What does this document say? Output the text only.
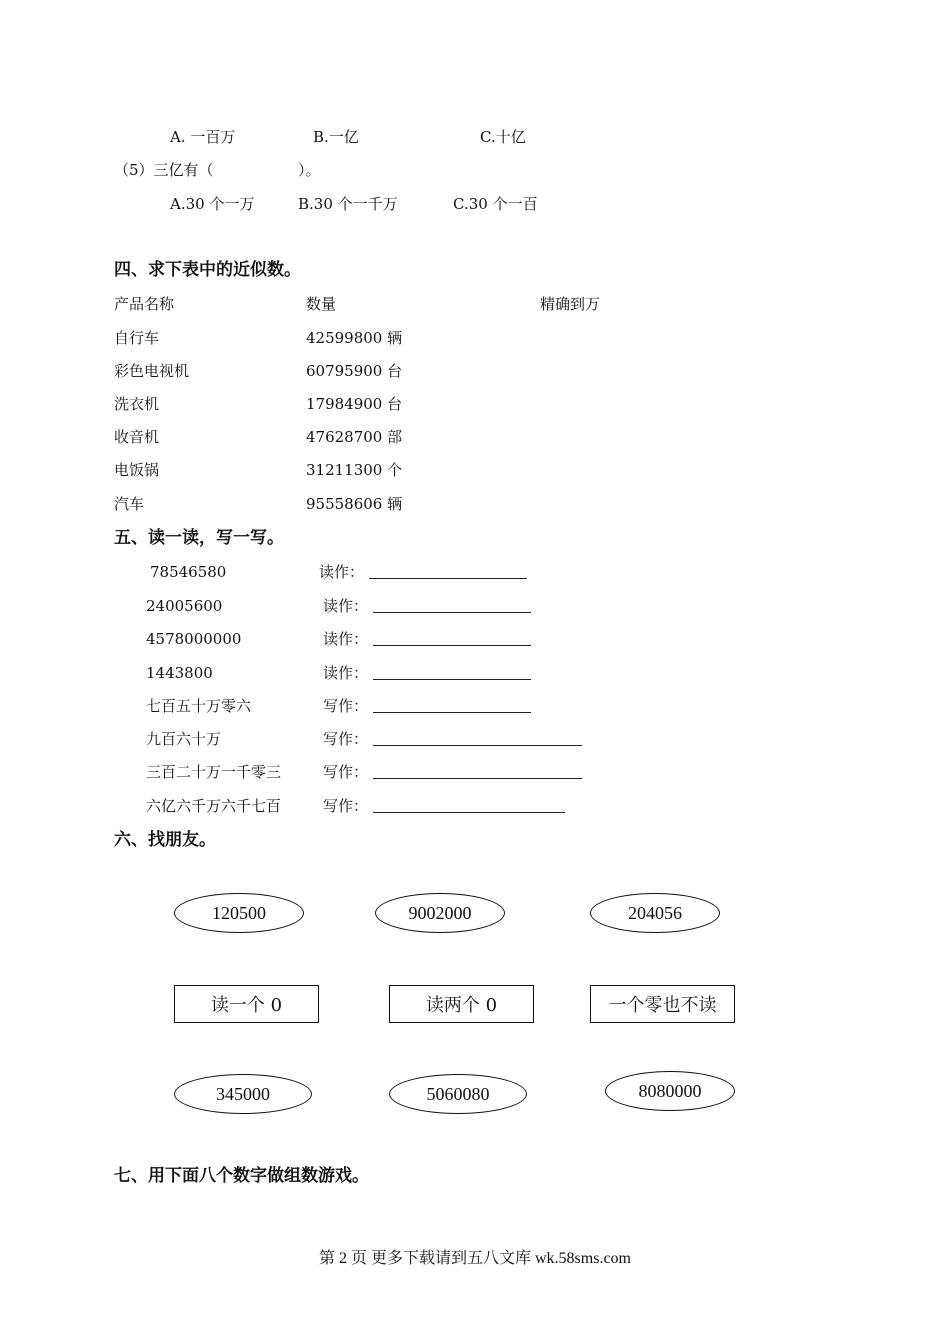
A. 一百万	B.一亿	C.十亿
（5）三亿有（	）。
A.30 个一万	B.30 个一千万	C.30 个一百
四、求下表中的近似数。
产品名称	数量	精确到万
自行车	42599800 辆
彩色电视机	60795900 台
洗衣机	17984900 台
收音机	47628700 部
电饭锅	31211300 个
汽车	95558606 辆
五、读一读，写一写。
78546580	读作：
24005600	读作：
4578000000	读作：
1443800	读作：
七百五十万零六	写作：
九百六十万	写作：
三百二十万一千零三	写作：
六亿六千万六千七百	写作：
六、找朋友。
120500	9002000	204056
读一个 0	读两个 0	一个零也不读
345000	5060080	8080000
七、用下面八个数字做组数游戏。
第 2 页 更多下载请到五八文库 wk.58sms.com
